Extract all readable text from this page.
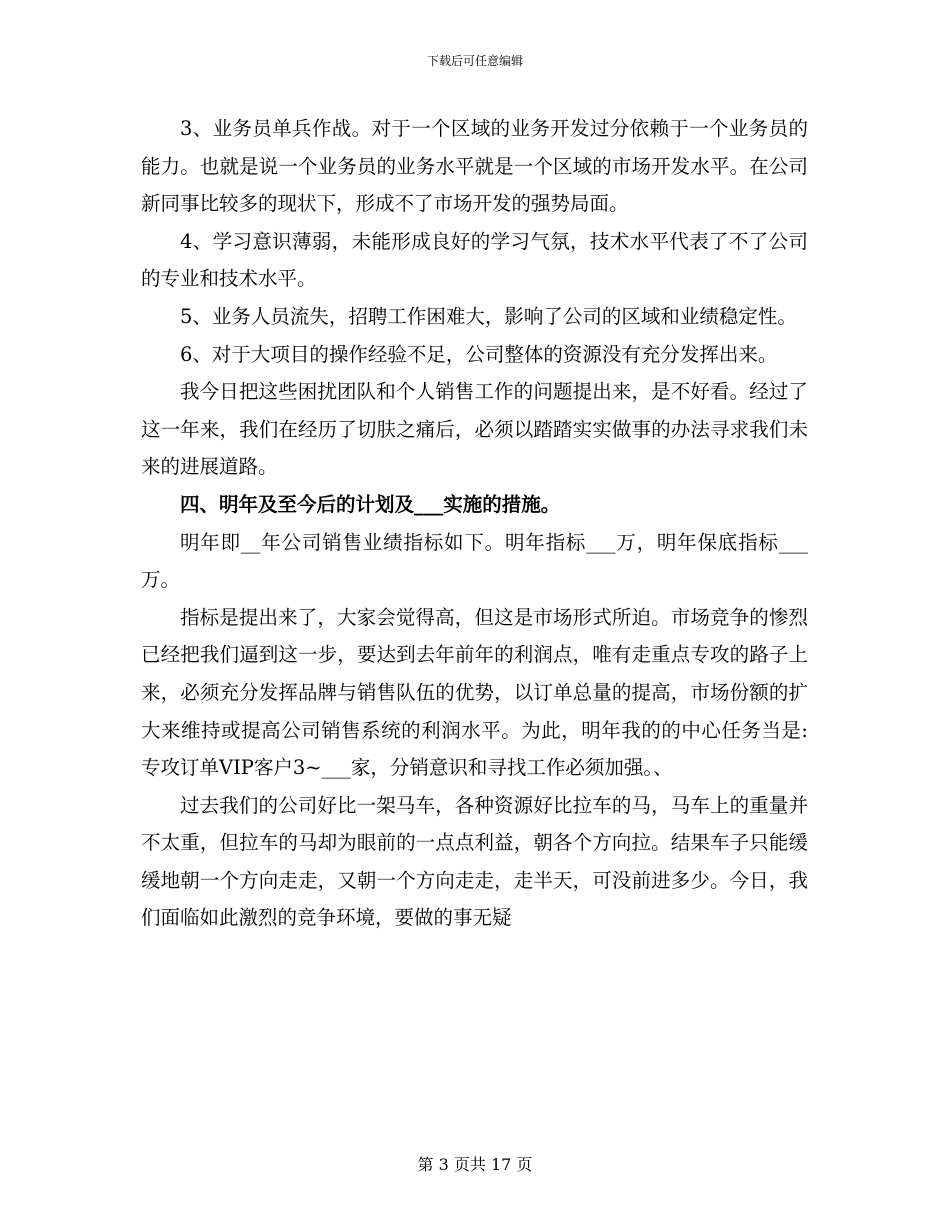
下载后可任意编辑

3、业务员单兵作战。对于一个区域的业务开发过分依赖于一个业务员的能力。也就是说一个业务员的业务水平就是一个区域的市场开发水平。在公司新同事比较多的现状下，形成不了市场开发的强势局面。

4、学习意识薄弱，未能形成良好的学习气氛，技术水平代表了不了公司的专业和技术水平。

5、业务人员流失，招聘工作困难大，影响了公司的区域和业绩稳定性。

6、对于大项目的操作经验不足，公司整体的资源没有充分发挥出来。

我今日把这些困扰团队和个人销售工作的问题提出来，是不好看。经过了这一年来，我们在经历了切肤之痛后，必须以踏踏实实做事的办法寻求我们未来的进展道路。

四、明年及至今后的计划及___实施的措施。

明年即__年公司销售业绩指标如下。明年指标___万，明年保底指标___万。

指标是提出来了，大家会觉得高，但这是市场形式所迫。市场竞争的惨烈已经把我们逼到这一步，要达到去年前年的利润点，唯有走重点专攻的路子上来，必须充分发挥品牌与销售队伍的优势，以订单总量的提高，市场份额的扩大来维持或提高公司销售系统的利润水平。为此，明年我的的中心任务当是:专攻订单VIP客户3~___家，分销意识和寻找工作必须加强。、

过去我们的公司好比一架马车，各种资源好比拉车的马，马车上的重量并不太重，但拉车的马却为眼前的一点点利益，朝各个方向拉。结果车子只能缓缓地朝一个方向走走，又朝一个方向走走，走半天，可没前进多少。今日，我们面临如此激烈的竞争环境，要做的事无疑

第 3 页共 17 页
